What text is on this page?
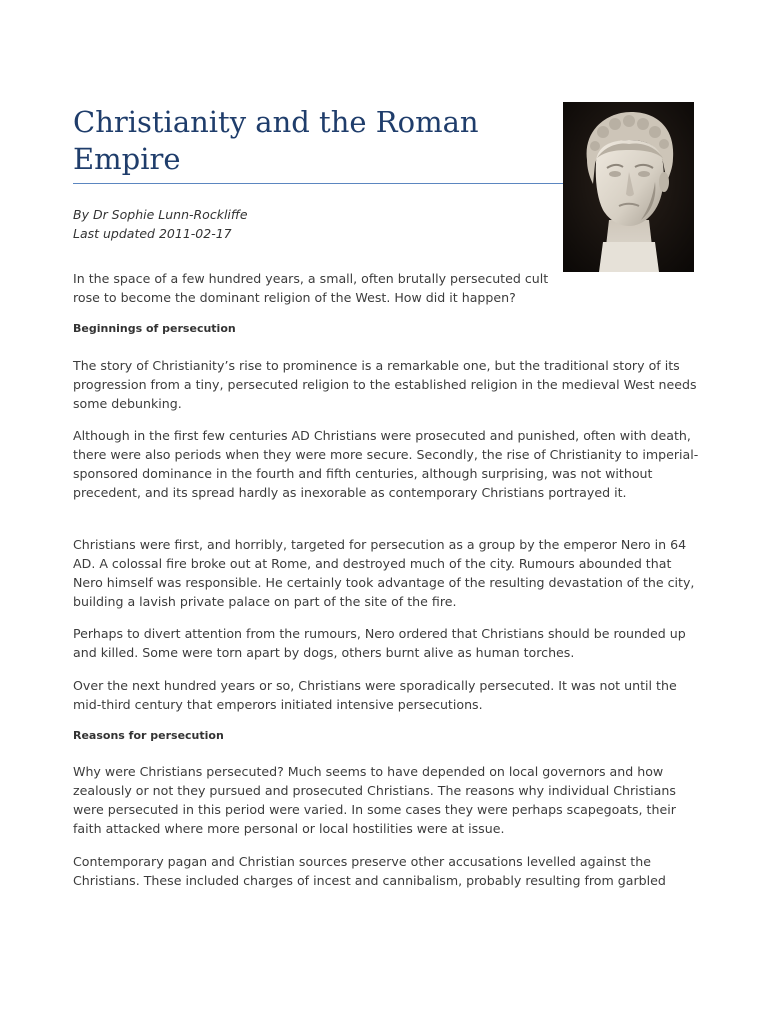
Christianity and the Roman Empire
By Dr Sophie Lunn-Rockliffe
Last updated 2011-02-17

In the space of a few hundred years, a small, often brutally persecuted cult rose to become the dominant religion of the West. How did it happen?

Beginnings of persecution

The story of Christianity’s rise to prominence is a remarkable one, but the traditional story of its progression from a tiny, persecuted religion to the established religion in the medieval West needs some debunking.

Although in the first few centuries AD Christians were prosecuted and punished, often with death, there were also periods when they were more secure. Secondly, the rise of Christianity to imperial-sponsored dominance in the fourth and fifth centuries, although surprising, was not without precedent, and its spread hardly as inexorable as contemporary Christians portrayed it.

Christians were first, and horribly, targeted for persecution as a group by the emperor Nero in 64 AD. A colossal fire broke out at Rome, and destroyed much of the city. Rumours abounded that Nero himself was responsible. He certainly took advantage of the resulting devastation of the city, building a lavish private palace on part of the site of the fire.

Perhaps to divert attention from the rumours, Nero ordered that Christians should be rounded up and killed. Some were torn apart by dogs, others burnt alive as human torches.

Over the next hundred years or so, Christians were sporadically persecuted. It was not until the mid-third century that emperors initiated intensive persecutions.

Reasons for persecution

Why were Christians persecuted? Much seems to have depended on local governors and how zealously or not they pursued and prosecuted Christians. The reasons why individual Christians were persecuted in this period were varied. In some cases they were perhaps scapegoats, their faith attacked where more personal or local hostilities were at issue.

Contemporary pagan and Christian sources preserve other accusations levelled against the Christians. These included charges of incest and cannibalism, probably resulting from garbled
